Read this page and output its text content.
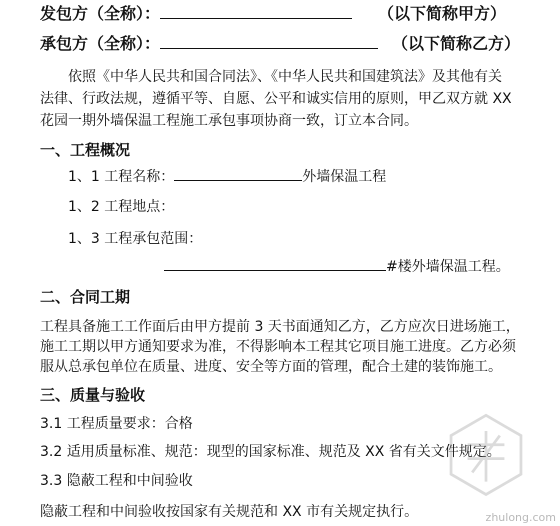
发包方（全称）：	（以下简称甲方）
承包方（全称）：	（以下简称乙方）
依照《中华人民共和国合同法》、《中华人民共和国建筑法》及其他有关
法律、行政法规，遵循平等、自愿、公平和诚实信用的原则，甲乙双方就 XX
花园一期外墙保温工程施工承包事项协商一致，订立本合同。
一、工程概况
1、1 工程名称：	外墙保温工程
1、2 工程地点：
1、3 工程承包范围：
#楼外墙保温工程。
二、合同工期
工程具备施工工作面后由甲方提前 3 天书面通知乙方，乙方应次日进场施工，
施工工期以甲方通知要求为准，不得影响本工程其它项目施工进度。乙方必须
服从总承包单位在质量、进度、安全等方面的管理，配合土建的装饰施工。
三、质量与验收
3.1 工程质量要求：合格
3.2 适用质量标准、规范：现型的国家标准、规范及 XX 省有关文件规定。
3.3 隐蔽工程和中间验收
隐蔽工程和中间验收按国家有关规范和 XX 市有关规定执行。	zhulong.com
